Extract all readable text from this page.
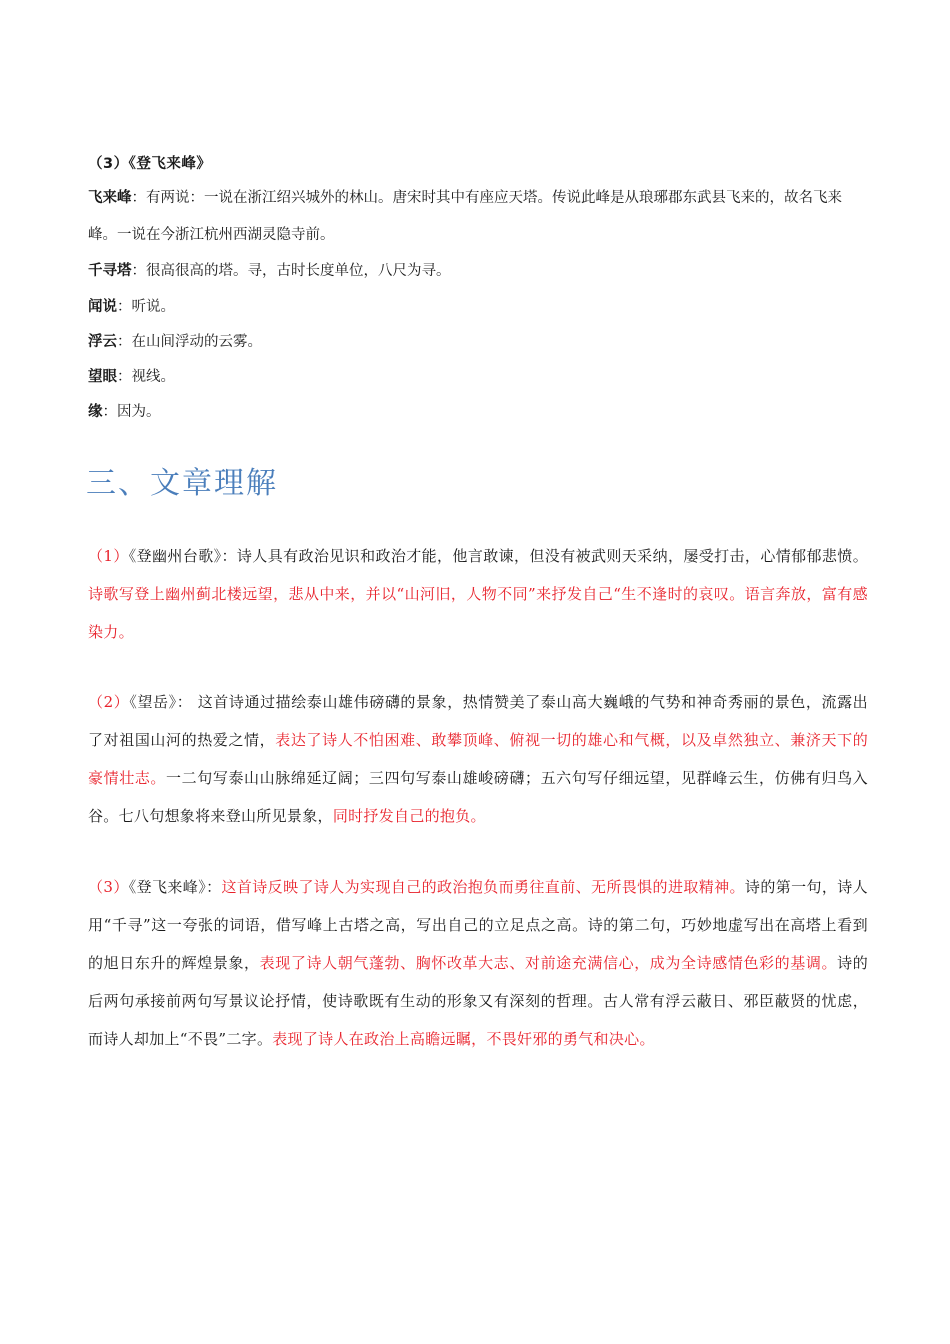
（3）《登飞来峰》
飞来峰：有两说：一说在浙江绍兴城外的林山。唐宋时其中有座应天塔。传说此峰是从琅琊郡东武县飞来的，故名飞来峰。一说在今浙江杭州西湖灵隐寺前。
千寻塔：很高很高的塔。寻，古时长度单位，八尺为寻。
闻说：听说。
浮云：在山间浮动的云雾。
望眼：视线。
缘：因为。
三、文章理解
（1）《登幽州台歌》：诗人具有政治见识和政治才能，他言敢谏，但没有被武则天采纳，屡受打击，心情郁郁悲愤。诗歌写登上幽州蓟北楼远望，悲从中来，并以“山河旧，人物不同”来抒发自己“生不逢时的哀叹。语言奔放，富有感染力。
（2）《望岳》： 这首诗通过描绘泰山雄伟磅礴的景象，热情赞美了泰山高大巍峨的气势和神奇秀丽的景色，流露出了对祖国山河的热爱之情，表达了诗人不怕困难、敢攀顶峰、俯视一切的雄心和气概，以及卓然独立、兼济天下的豪情壮志。一二句写泰山山脉绵延辽阔；三四句写泰山雄峻磅礴；五六句写仔细远望，见群峰云生，仿佛有归鸟入谷。七八句想象将来登山所见景象，同时抒发自己的抱负。
（3）《登飞来峰》：这首诗反映了诗人为实现自己的政治抱负而勇往直前、无所畏惧的进取精神。诗的第一句，诗人用“千寻”这一夸张的词语，借写峰上古塔之高，写出自己的立足点之高。诗的第二句，巧妙地虚写出在高塔上看到的旭日东升的辉煌景象，表现了诗人朝气蓬勃、胸怀改革大志、对前途充满信心，成为全诗感情色彩的基调。诗的后两句承接前两句写景议论抒情，使诗歌既有生动的形象又有深刻的哲理。古人常有浮云蔽日、邪臣蔽贤的忧虑，而诗人却加上“不畏”二字。表现了诗人在政治上高瞻远瞩，不畏奸邪的勇气和决心。
